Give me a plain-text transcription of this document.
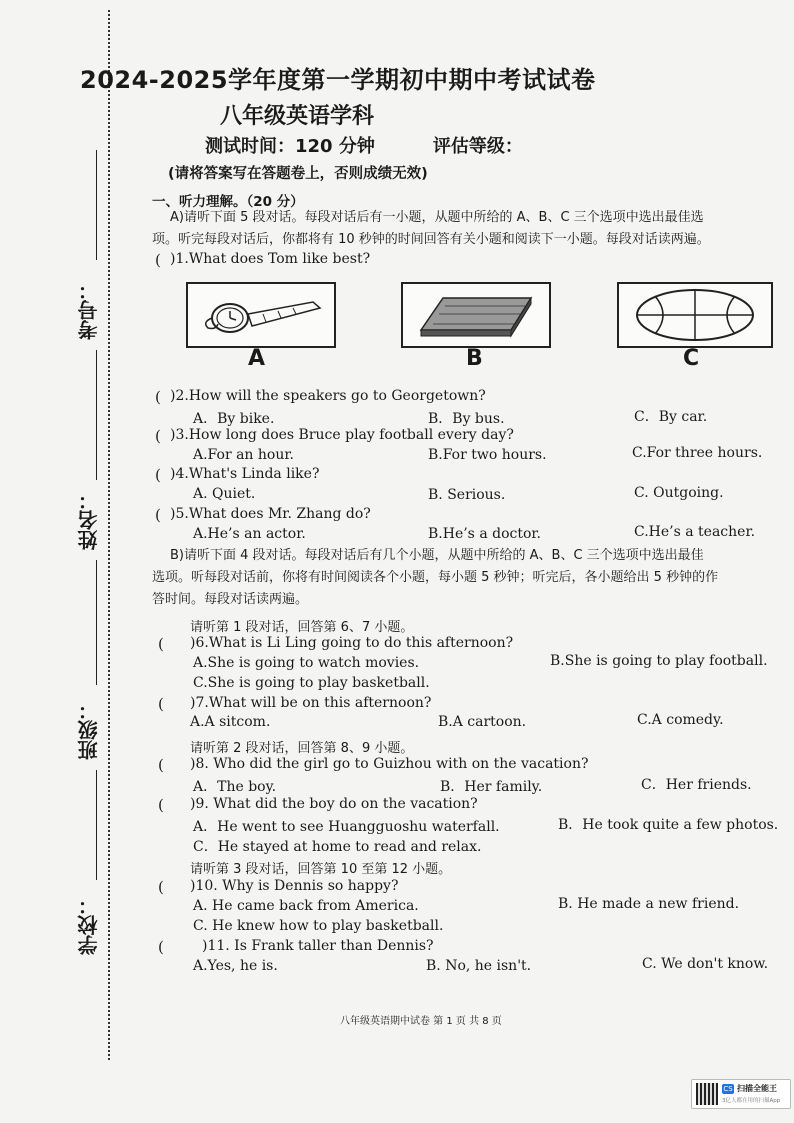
考号：
姓名：
班级：
学校：
2024-2025学年度第一学期初中期中考试试卷
八年级英语学科
测试时间：120 分钟	评估等级：
(请将答案写在答题卷上，否则成绩无效)
一、听力理解。（20 分）
A)请听下面 5 段对话。每段对话后有一小题，从题中所给的 A、B、C 三个选项中选出最佳选
项。听完每段对话后，你都将有 10 秒钟的时间回答有关小题和阅读下一小题。每段对话读两遍。
( )1.What does Tom like best?
A	B	C
( )2.How will the speakers go to Georgetown?
A．By bike.	B．By bus.	C．By car.
( )3.How long does Bruce play football every day?
A.For an hour.	B.For two hours.	C.For three hours.
( )4.What's Linda like?
A. Quiet.	B. Serious.	C. Outgoing.
( )5.What does Mr. Zhang do?
A.He’s an actor.	B.He’s a doctor.	C.He’s a teacher.
B)请听下面 4 段对话。每段对话后有几个小题，从题中所给的 A、B、C 三个选项中选出最佳
选项。听每段对话前，你将有时间阅读各个小题，每小题 5 秒钟；听完后，各小题给出 5 秒钟的作
答时间。每段对话读两遍。
请听第 1 段对话，回答第 6、7 小题。
( )6.What is Li Ling going to do this afternoon?
A.She is going to watch movies.	B.She is going to play football.
C.She is going to play basketball.
( )7.What will be on this afternoon?
A.A sitcom.	B.A cartoon.	C.A comedy.
请听第 2 段对话，回答第 8、9 小题。
( )8. Who did the girl go to Guizhou with on the vacation?
A．The boy.	B．Her family.	C．Her friends.
( )9. What did the boy do on the vacation?
A．He went to see Huangguoshu waterfall.	B．He took quite a few photos.
C．He stayed at home to read and relax.
请听第 3 段对话，回答第 10 至第 12 小题。
( )10. Why is Dennis so happy?
A. He came back from America.	B. He made a new friend.
C. He knew how to play basketball.
(	)11. Is Frank taller than Dennis?
A.Yes, he is.	B. No, he isn't.	C. We don't know.
八年级英语期中试卷 第 1 页 共 8 页
CS 扫描全能王
3亿人都在用的扫描App
